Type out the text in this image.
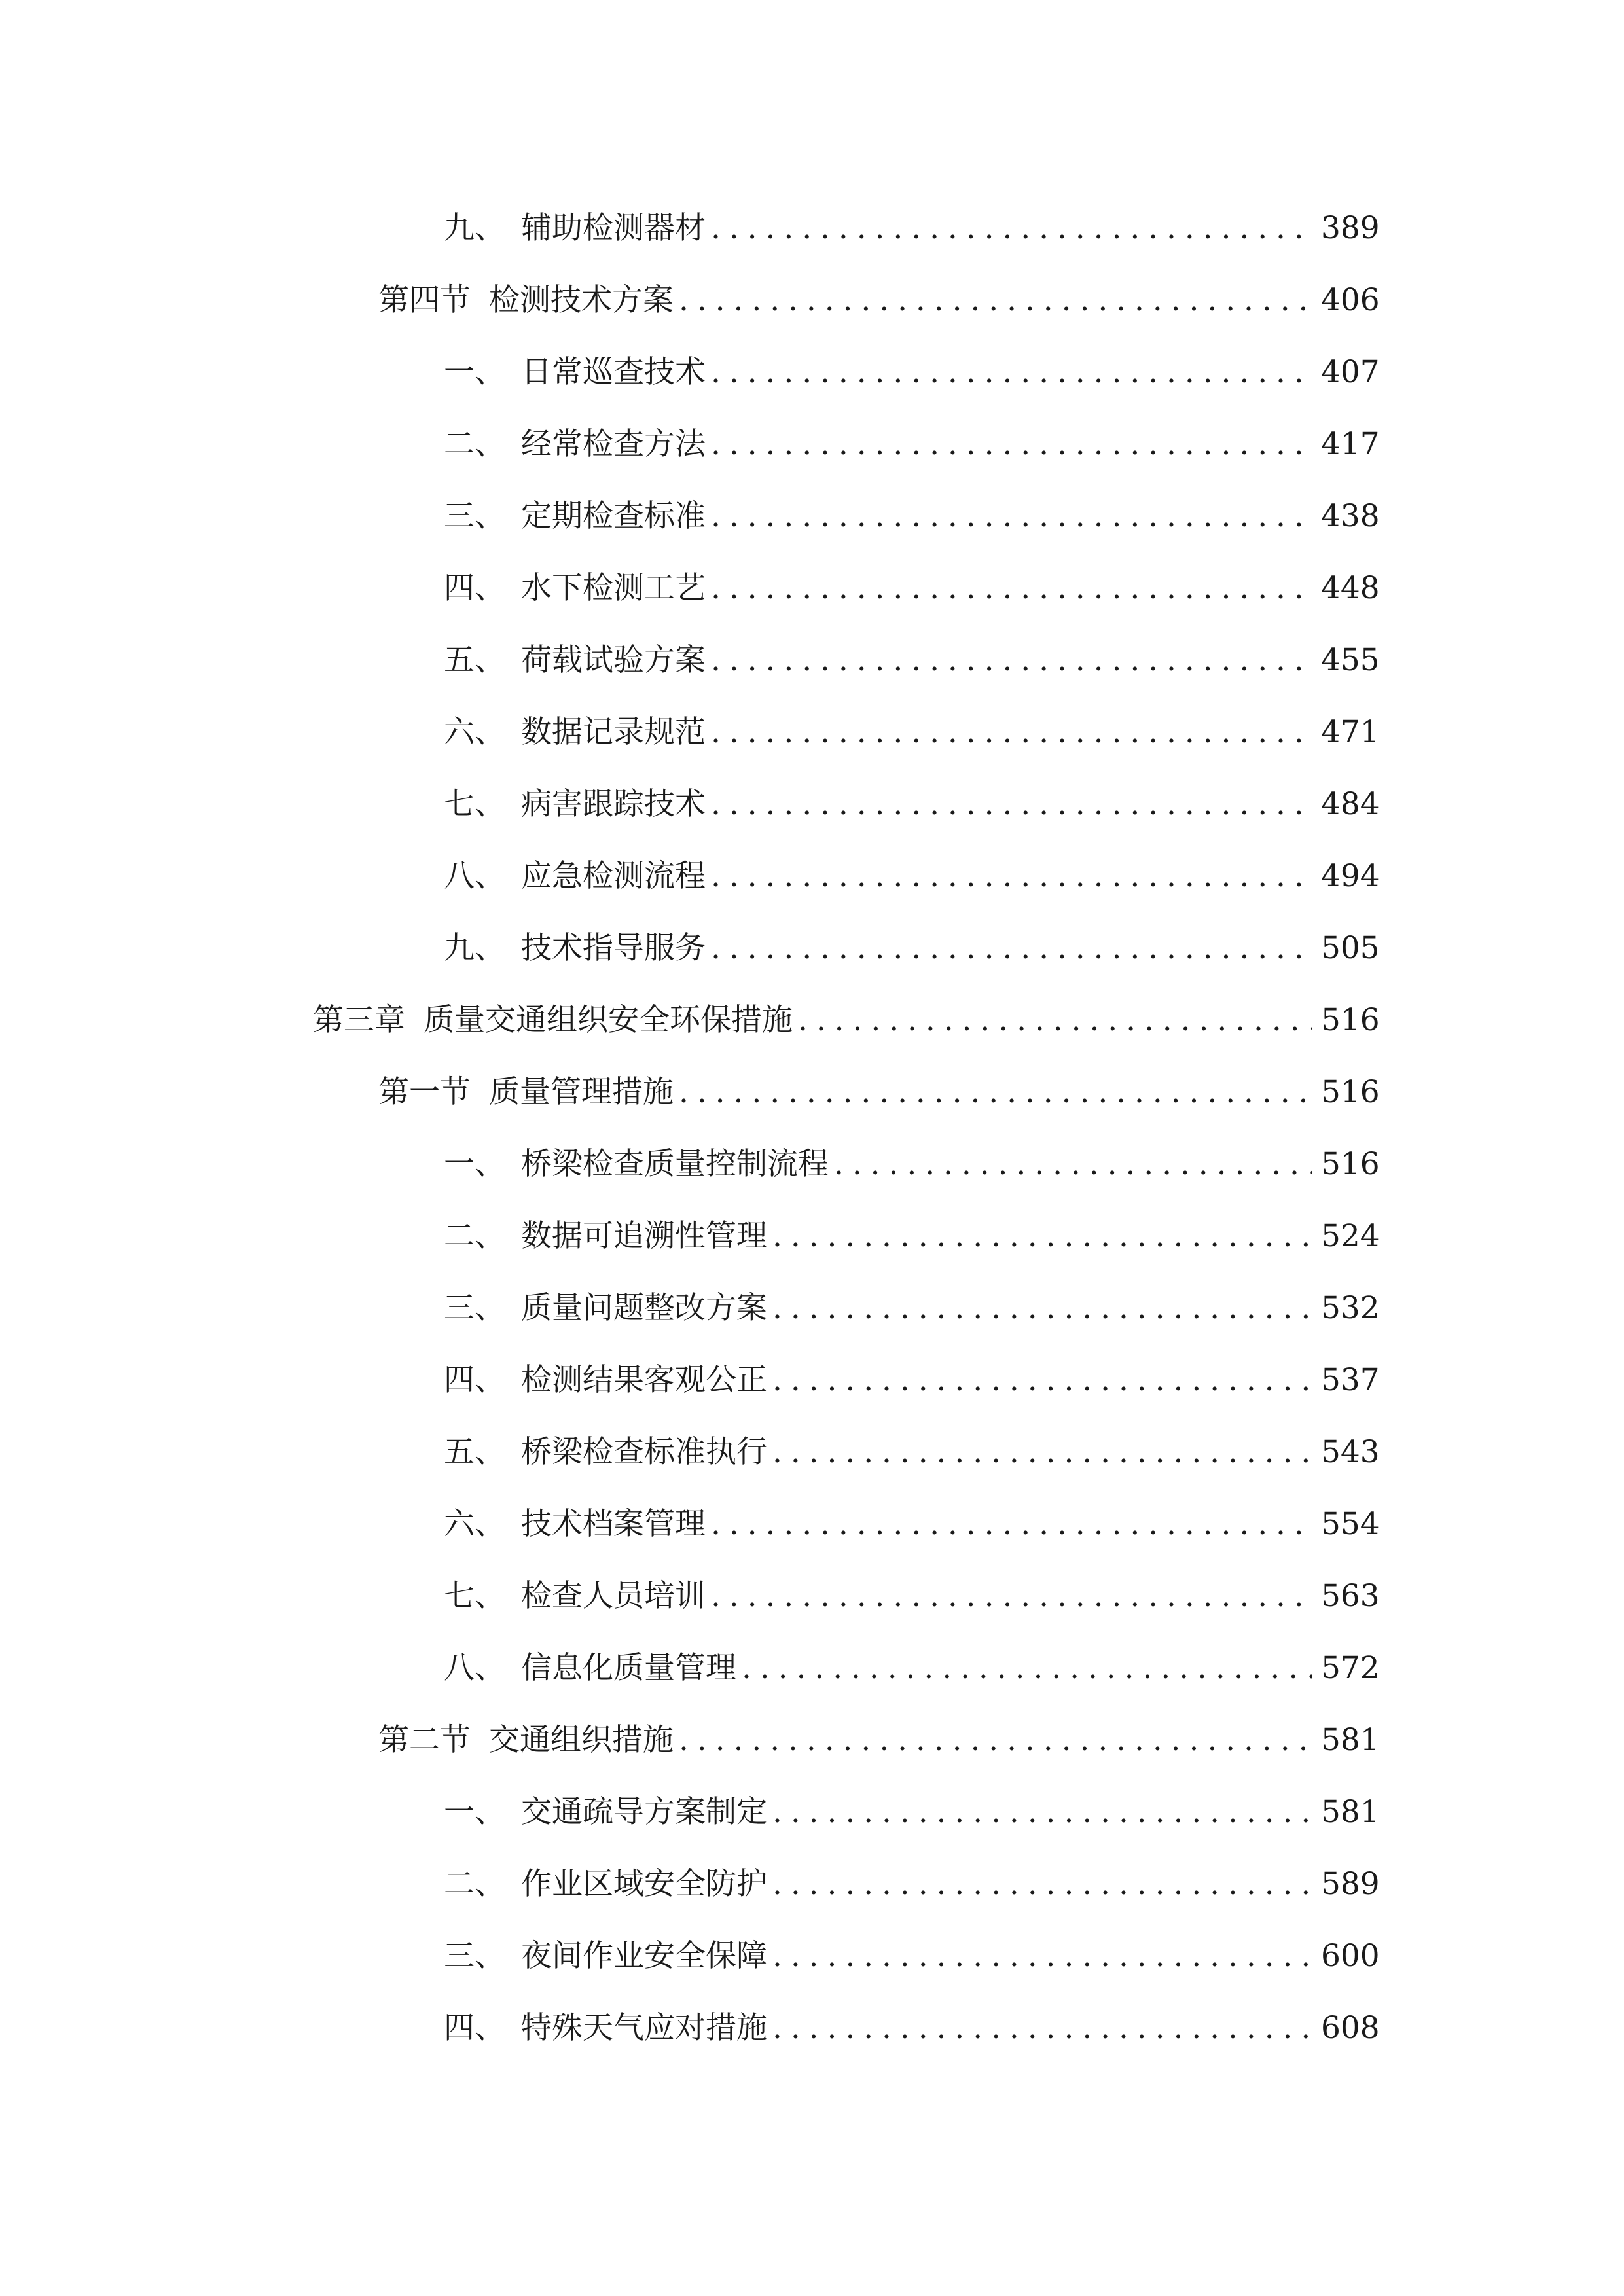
九、 辅助检测器材 .....	389
第四节 检测技术方案 .....	406
一、 日常巡查技术 .....	407
二、 经常检查方法 .....	417
三、 定期检查标准 .....	438
四、 水下检测工艺 .....	448
五、 荷载试验方案 .....	455
六、 数据记录规范 .....	471
七、 病害跟踪技术 .....	484
八、 应急检测流程 .....	494
九、 技术指导服务 .....	505
第三章 质量交通组织安全环保措施 .....	516
第一节 质量管理措施 .....	516
一、 桥梁检查质量控制流程 .....	516
二、 数据可追溯性管理 .....	524
三、 质量问题整改方案 .....	532
四、 检测结果客观公正 .....	537
五、 桥梁检查标准执行 .....	543
六、 技术档案管理 .....	554
七、 检查人员培训 .....	563
八、 信息化质量管理 .....	572
第二节 交通组织措施 .....	581
一、 交通疏导方案制定 .....	581
二、 作业区域安全防护 .....	589
三、 夜间作业安全保障 .....	600
四、 特殊天气应对措施 .....	608
